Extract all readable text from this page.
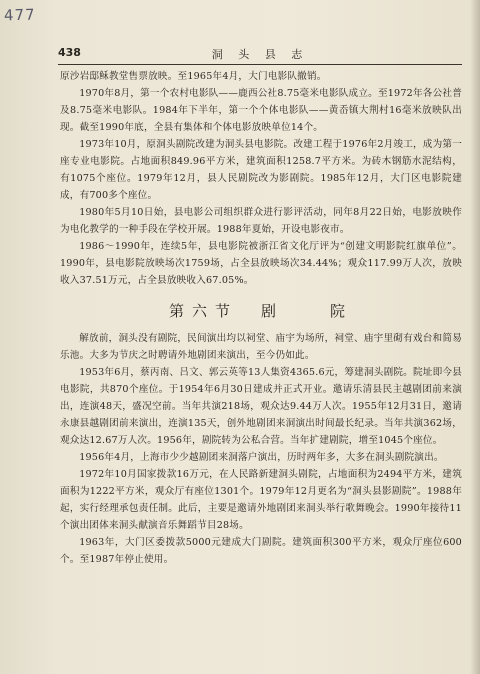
477
438	洞 头 县 志

原沙岩邸稣教堂售票放映。至1965年4月，大门电影队撤销。

1970年8月，第一个农村电影队——鹿西公社8.75毫米电影队成立。至1972年各公社普及8.75毫米电影队。1984年下半年，第一个个体电影队——黄岙镇大荆村16毫米放映队出现。截至1990年底，全县有集体和个体电影放映单位14个。

1973年10月，原洞头剧院改建为洞头县电影院。改建工程于1976年2月竣工，成为第一座专业电影院。占地面积849.96平方米，建筑面积1258.7平方米。为砖木钢筋水泥结构，有1075个座位。1979年12月，县人民剧院改为影剧院。1985年12月，大门区电影院建成，有700多个座位。

1980年5月10日始，县电影公司组织群众进行影评活动，同年8月22日始，电影放映作为电化教学的一种手段在学校开展。1988年夏始，开设电影夜市。

1986～1990年，连续5年，县电影院被浙江省文化厅评为“创建文明影院红旗单位”。1990年，县电影院放映场次1759场，占全县放映场次34.44%；观众117.99万人次，放映收入37.51万元，占全县放映收入67.05%。

第六节　剧　　院

解放前，洞头没有剧院，民间演出均以祠堂、庙宇为场所，祠堂、庙宇里砌有戏台和简易乐池。大多为节庆之时聘请外地剧团来演出，至今仍如此。

1953年6月，蔡丙南、吕文、郭云英等13人集资4365.6元，筹建洞头剧院。院址即今县电影院，共870个座位。于1954年6月30日建成并正式开业。邀请乐清县民主越剧团前来演出，连演48天，盛况空前。当年共演218场，观众达9.44万人次。1955年12月31日，邀请永康县越剧团前来演出，连演135天，创外地剧团来洞演出时间最长纪录。当年共演362场，观众达12.67万人次。1956年，剧院转为公私合营。当年扩建剧院，增至1045个座位。

1956年4月，上海市少少越剧团来洞落户演出，历时两年多，大多在洞头剧院演出。

1972年10月国家拨款16万元，在人民路新建洞头剧院，占地面积为2494平方米，建筑面积为1222平方米，观众厅有座位1301个。1979年12月更名为“洞头县影剧院”。1988年起，实行经理承包责任制。此后，主要是邀请外地剧团来洞头举行歌舞晚会。1990年接待11个演出团体来洞头献演音乐舞蹈节目28场。

1963年，大门区委拨款5000元建成大门剧院。建筑面积300平方米，观众厅座位600个。至1987年停止使用。
